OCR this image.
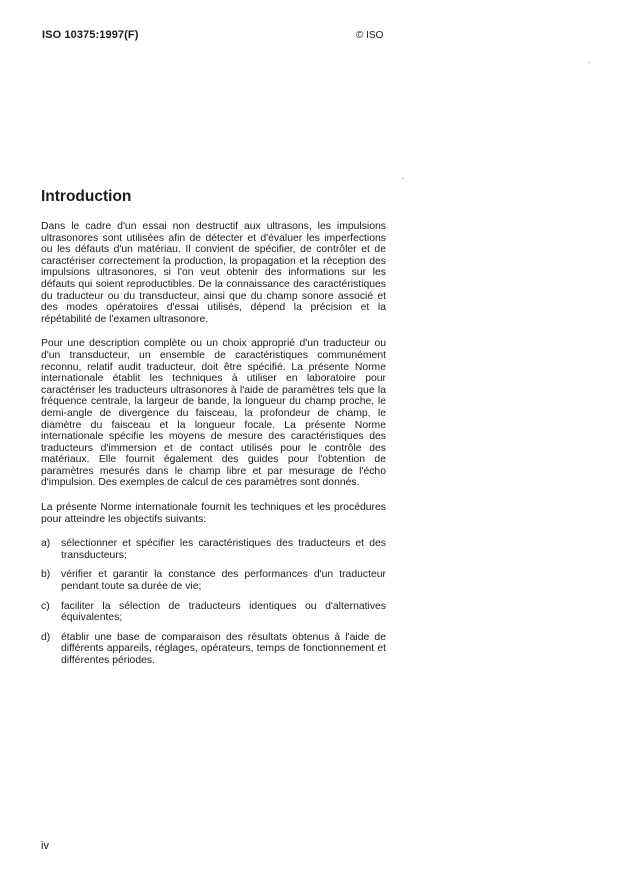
ISO 10375:1997(F)	© ISO
Introduction

Dans le cadre d'un essai non destructif aux ultrasons, les impulsions ultrasonores sont utilisées afin de détecter et d'évaluer les imperfections ou les défauts d'un matériau. Il convient de spécifier, de contrôler et de caractériser correctement la production, la propagation et la réception des impulsions ultrasonores, si l'on veut obtenir des informations sur les défauts qui soient reproductibles. De la connaissance des caractéristiques du traducteur ou du transducteur, ainsi que du champ sonore associé et des modes opératoires d'essai utilisés, dépend la précision et la répétabilité de l'examen ultrasonore.

Pour une description complète ou un choix approprié d'un traducteur ou d'un transducteur, un ensemble de caractéristiques communément reconnu, relatif audit traducteur, doit être spécifié. La présente Norme internationale établit les techniques à utiliser en laboratoire pour caractériser les traducteurs ultrasonores à l'aide de paramètres tels que la fréquence centrale, la largeur de bande, la longueur du champ proche, le demi-angle de divergence du faisceau, la profondeur de champ, le diamètre du faisceau et la longueur focale. La présente Norme internationale spécifie les moyens de mesure des caractéristiques des traducteurs d'immersion et de contact utilisés pour le contrôle des matériaux. Elle fournit également des guides pour l'obtention de paramètres mesurés dans le champ libre et par mesurage de l'écho d'impulsion. Des exemples de calcul de ces paramètres sont donnés.

La présente Norme internationale fournit les techniques et les procédures pour atteindre les objectifs suivants:

a)	sélectionner et spécifier les caractéristiques des traducteurs et des transducteurs;
b)	vérifier et garantir la constance des performances d'un traducteur pendant toute sa durée de vie;
c)	faciliter la sélection de traducteurs identiques ou d'alternatives équivalentes;
d)	établir une base de comparaison des résultats obtenus à l'aide de différents appareils, réglages, opérateurs, temps de fonctionnement et différentes périodes.
iv
